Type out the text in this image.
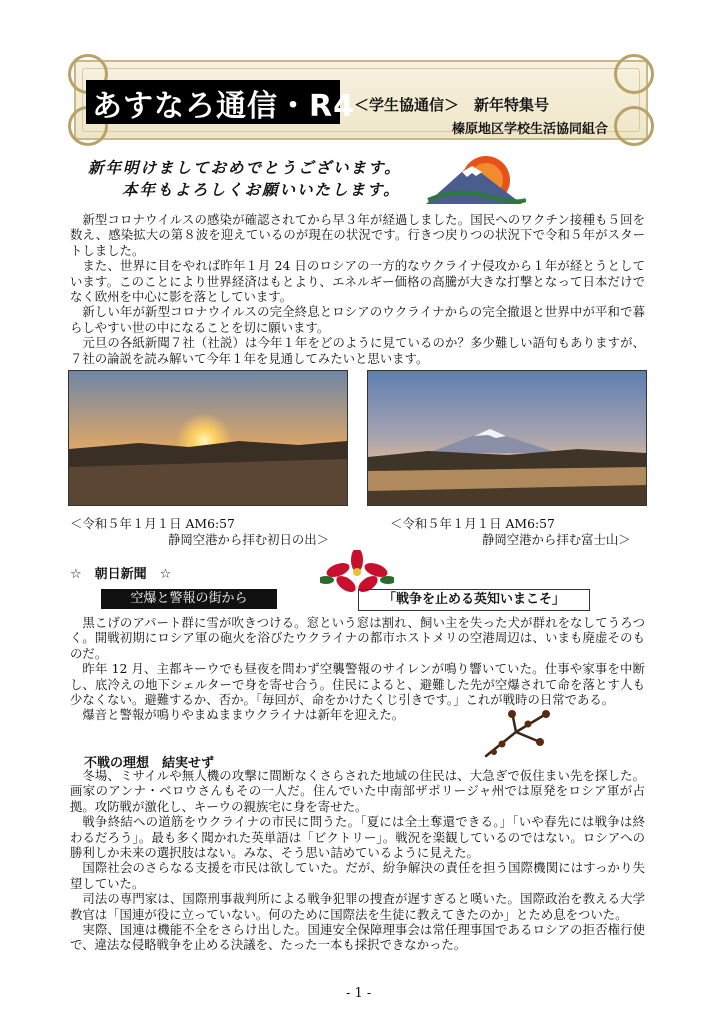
あすなろ通信・R4 ＜学生協通信＞　新年特集号
榛原地区学校生活協同組合
新年明けましておめでとうございます。
本年もよろしくお願いいたします。

新型コロナウイルスの感染が確認されてから早３年が経過しました。国民へのワクチン接種も５回を数え、感染拡大の第８波を迎えているのが現在の状況です。行きつ戻りつの状況下で令和５年がスタートしました。

また、世界に目をやれば昨年１月 24 日のロシアの一方的なウクライナ侵攻から１年が経とうとしています。このことにより世界経済はもとより、エネルギー価格の高騰が大きな打撃となって日本だけでなく欧州を中心に影を落としています。

新しい年が新型コロナウイルスの完全終息とロシアのウクライナからの完全撤退と世界中が平和で暮らしやすい世の中になることを切に願います。

元旦の各紙新聞７社（社説）は今年１年をどのように見ているのか？多少難しい語句もありますが、７社の論説を読み解いて今年１年を見通してみたいと思います。

＜令和５年１月１日 AM6:57
静岡空港から拝む初日の出＞
＜令和５年１月１日 AM6:57
静岡空港から拝む富士山＞
☆　朝日新聞　☆
空爆と警報の街から	「戦争を止める英知いまこそ」

黒こげのアパート群に雪が吹きつける。窓という窓は割れ、飼い主を失った犬が群れをなしてうろつく。開戦初期にロシア軍の砲火を浴びたウクライナの都市ホストメリの空港周辺は、いまも廃虚そのものだ。

昨年 12 月、主都キーウでも昼夜を問わず空襲警報のサイレンが鳴り響いていた。仕事や家事を中断し、底冷えの地下シェルターで身を寄せ合う。住民によると、避難した先が空爆されて命を落とす人も少なくない。避難するか、否か。「毎回が、命をかけたくじ引きです。」これが戦時の日常である。

爆音と警報が鳴りやまぬままウクライナは新年を迎えた。

不戦の理想　結実せず

冬場、ミサイルや無人機の攻撃に間断なくさらされた地域の住民は、大急ぎで仮住まい先を探した。画家のアンナ・ベロウさんもその一人だ。住んでいた中南部ザポリージャ州では原発をロシア軍が占拠。攻防戦が激化し、キーウの親族宅に身を寄せた。

戦争終結への道筋をウクライナの市民に問うた。「夏には全土奪還できる。」「いや春先には戦争は終わるだろう」。最も多く聞かれた英単語は「ビクトリー」。戦況を楽観しているのではない。ロシアへの勝利しか未来の選択肢はない。みな、そう思い詰めているように見えた。

国際社会のさらなる支援を市民は欲していた。だが、紛争解決の責任を担う国際機関にはすっかり失望していた。

司法の専門家は、国際刑事裁判所による戦争犯罪の捜査が遅すぎると嘆いた。国際政治を教える大学教官は「国連が役に立っていない。何のために国際法を生徒に教えてきたのか」とため息をついた。

実際、国連は機能不全をさらけ出した。国連安全保障理事会は常任理事国であるロシアの拒否権行使で、違法な侵略戦争を止める決議を、たった一本も採択できなかった。

- 1 -
